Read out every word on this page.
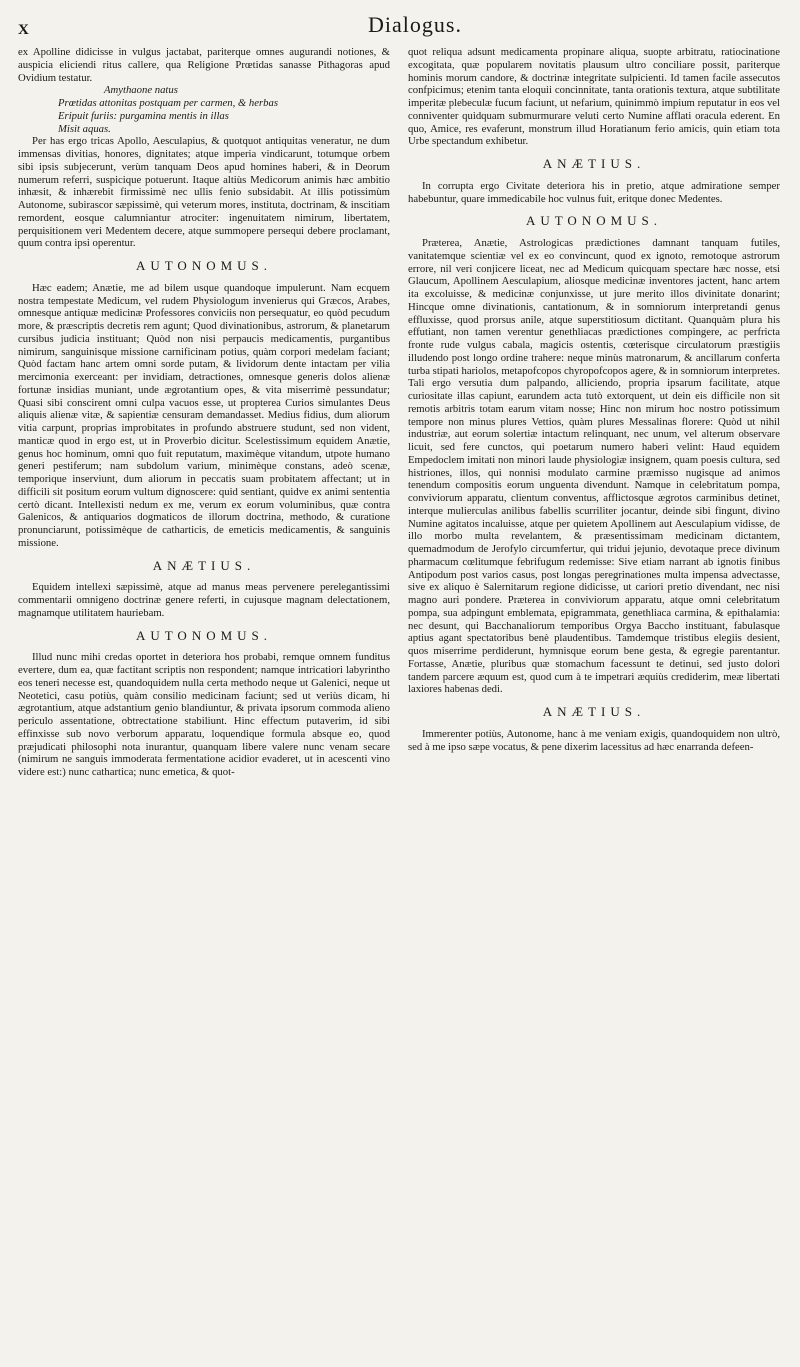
X	Dialogus.

ex Apolline didicisse in vulgus jactabat, pariterque omnes augurandi notiones, & auspicia eliciendi ritus callere, qua Religione Prœtidas sanasse Pithagoras apud Ovidium testatur.

Amythaone natus

Prœtidas attonitas postquam per carmen, & herbas

Eripuit furiis: purgamina mentis in illas

Misit aquas.

Per has ergo tricas Apollo, Aesculapius, & quotquot antiquitas veneratur, ne dum immensas divitias, honores, dignitates; atque imperia vindicarunt, totumque orbem sibi ipsis subjecerunt, verùm tanquam Deos apud homines haberi, & in Deorum numerum referri, suspicique potuerunt. Itaque altiùs Medicorum animis hæc ambitio inhæsit, & inhærebit firmissimè nec ullis fenio subsidabit. At illis potissimùm Autonome, subirascor sæpissimè, qui veterum mores, instituta, doctrinam, & inscitiam remordent, eosque calumniantur atrociter: ingenuitatem nimirum, libertatem, perquisitionem veri Medentem decere, atque summopere persequi debere proclamant, quum contra ipsi operentur.

AUTONOMUS.

Hæc eadem; Anætie, me ad bilem usque quandoque impulerunt. Nam ecquem nostra tempestate Medicum, vel rudem Physiologum invenierus qui Græcos, Arabes, omnesque antiquæ medicinæ Professores conviciis non persequatur, eo quòd pecudum more, & præscriptis decretis rem agunt; Quod divinationibus, astrorum, & planetarum cursibus judicia instituant; Quòd non nisi perpaucis medicamentis, purgantibus nimirum, sanguinisque missione carnificinam potius, quàm corpori medelam faciant; Quòd factam hanc artem omni sorde putam, & lividorum dente intactam per vilia mercimonia exerceant: per invidiam, detractiones, omnesque generis dolos alienæ fortunæ insidias muniant, unde ægrotantium opes, & vita miserrimè pessundatur; Quasi sibi conscirent omni culpa vacuos esse, ut propterea Curios simulantes Deus aliquis alienæ vitæ, & sapientiæ censuram demandasset. Medius fidius, dum aliorum vitia carpunt, proprias improbitates in profundo abstruere studunt, sed non vident, manticæ quod in ergo est, ut in Proverbio dicitur. Scelestissimum equidem Anætie, genus hoc hominum, omni quo fuit reputatum, maximèque vitandum, utpote humano generi pestiferum; nam subdolum varium, minimèque constans, adeò scenæ, temporique inserviunt, dum aliorum in peccatis suam probitatem affectant; ut in difficili sit positum eorum vultum dignoscere: quid sentiant, quidve ex animi sententia certò dicant. Intellexisti nedum ex me, verum ex eorum voluminibus, quæ contra Galenicos, & antiquarios dogmaticos de illorum doctrina, methodo, & curatione pronunciarunt, potissimèque de catharticis, de emeticis medicamentis, & sanguinis missione.

ANÆTIUS.

Equidem intellexi sæpissimè, atque ad manus meas pervenere perelegantissimi commentarii omnigeno doctrinæ genere referti, in cujusque magnam delectationem, magnamque utilitatem hauriebam.

AUTONOMUS.

Illud nunc mihi credas oportet in deteriora hos probabi, remque omnem funditus evertere, dum ea, quæ factitant scriptis non respondent; namque intricatiori labyrintho eos teneri necesse est, quandoquidem nulla certa methodo neque ut Galenici, neque ut Neotetici, casu potiùs, quàm consilio medicinam faciunt; sed ut veriùs dicam, hi ægrotantium, atque adstantium genio blandiuntur, & privata ipsorum commoda alieno periculo assentatione, obtrectatione stabiliunt. Hinc effectum putaverim, id sibi effinxisse sub novo verborum apparatu, loquendique formula absque eo, quod præjudicati philosophi nota inurantur, quanquam libere valere nunc venam secare (nimirum ne sanguis immoderata fermentatione acidior evaderet, ut in acescenti vino videre est:) nunc cathartica; nunc emetica, & quot-

quot reliqua adsunt medicamenta propinare aliqua, suopte arbitratu, ratiocinatione excogitata, quæ popularem novitatis plausum ultro conciliare possit, pariterque hominis morum candore, & doctrinæ integritate sulpicienti. Id tamen facile assecutos confpicimus; etenim tanta eloquii concinnitate, tanta orationis textura, atque subtilitate imperitæ plebeculæ fucum faciunt, ut nefarium, quinimmò impium reputatur in eos vel conniventer quidquam submurmurare veluti certo Numine afflati oracula ederent. En quo, Amice, res evaferunt, monstrum illud Horatianum ferio amicis, quin etiam tota Urbe spectandum exhibetur.

ANÆTIUS.

In corrupta ergo Civitate deteriora his in pretio, atque admiratione semper habebuntur, quare immedicabile hoc vulnus fuit, eritque donec Medentes.

AUTONOMUS.

Præterea, Anætie, Astrologicas prædictiones damnant tanquam futiles, vanitatemque scientiæ vel ex eo convincunt, quod ex ignoto, remotoque astrorum errore, nil veri conjicere liceat, nec ad Medicum quicquam spectare hæc nosse, etsi Glaucum, Apollinem Aesculapium, aliosque medicinæ inventores jactent, hanc artem ita excoluisse, & medicinæ conjunxisse, ut jure merito illos divinitate donarint; Hincque omne divinationis, cantationum, & in somniorum interpretandi genus effluxisse, quod prorsus anile, atque superstitiosum dictitant. Quanquàm plura his effutiant, non tamen verentur genethliacas prædictiones compingere, ac perfricta fronte rude vulgus cabala, magicis ostentis, cœterisque circulatorum præstigiis illudendo post longo ordine trahere: neque minùs matronarum, & ancillarum conferta turba stipati hariolos, metapofcopos chyropofcopos agere, & in somniorum interpretes. Tali ergo versutia dum palpando, alliciendo, propria ipsarum facilitate, atque curiositate illas capiunt, earundem acta tutò extorquent, ut dein eis difficile non sit remotis arbitris totam earum vitam nosse; Hinc non mirum hoc nostro potissimum tempore non minus plures Vettios, quàm plures Messalinas florere: Quòd ut nihil industriæ, aut eorum solertiæ intactum relinquant, nec unum, vel alterum observare licuit, sed fere cunctos, qui poetarum numero haberi velint: Haud equidem Empedoclem imitati non minori laude physiologiæ insignem, quam poesis cultura, sed histriones, illos, qui nonnisi modulato carmine præmisso nugisque ad animos tenendum compositis eorum unguenta divendunt. Namque in celebritatum pompa, conviviorum apparatu, clientum conventus, afflictosque ægrotos carminibus detinet, interque mulierculas anilibus fabellis scurriliter jocantur, deinde sibi fingunt, divino Numine agitatos incaluisse, atque per quietem Apollinem aut Aesculapium vidisse, de illo morbo multa revelantem, & præsentissimam medicinam dictantem, quemadmodum de Jerofylo circumfertur, qui tridui jejunio, devotaque prece divinum pharmacum cœlitumque febrifugum redemisse: Sive etiam narrant ab ignotis finibus Antipodum post varios casus, post longas peregrinationes multa impensa advectasse, sive ex aliquo è Salernitarum regione didicisse, ut cariori pretio divendant, nec nisi magno auri pondere. Præterea in conviviorum apparatu, atque omni celebritatum pompa, sua adpingunt emblemata, epigrammata, genethliaca carmina, & epithalamia: nec desunt, qui Bacchanaliorum temporibus Orgya Baccho instituant, fabulasque aptius agant spectatoribus benè plaudentibus. Tamdemque tristibus elegiis desient, quos miserrime perdiderunt, hymnisque eorum bene gesta, & egregie parentantur. Fortasse, Anætie, pluribus quæ stomachum facessunt te detinui, sed justo dolori tandem parcere æquum est, quod cum à te impetrari æquiùs crediderim, meæ libertati laxiores habenas dedi.

ANÆTIUS.

Immerenter potiùs, Autonome, hanc à me veniam exigis, quandoquidem non ultrò, sed à me ipso sæpe vocatus, & pene dixerim lacessitus ad hæc enarranda defeen-
